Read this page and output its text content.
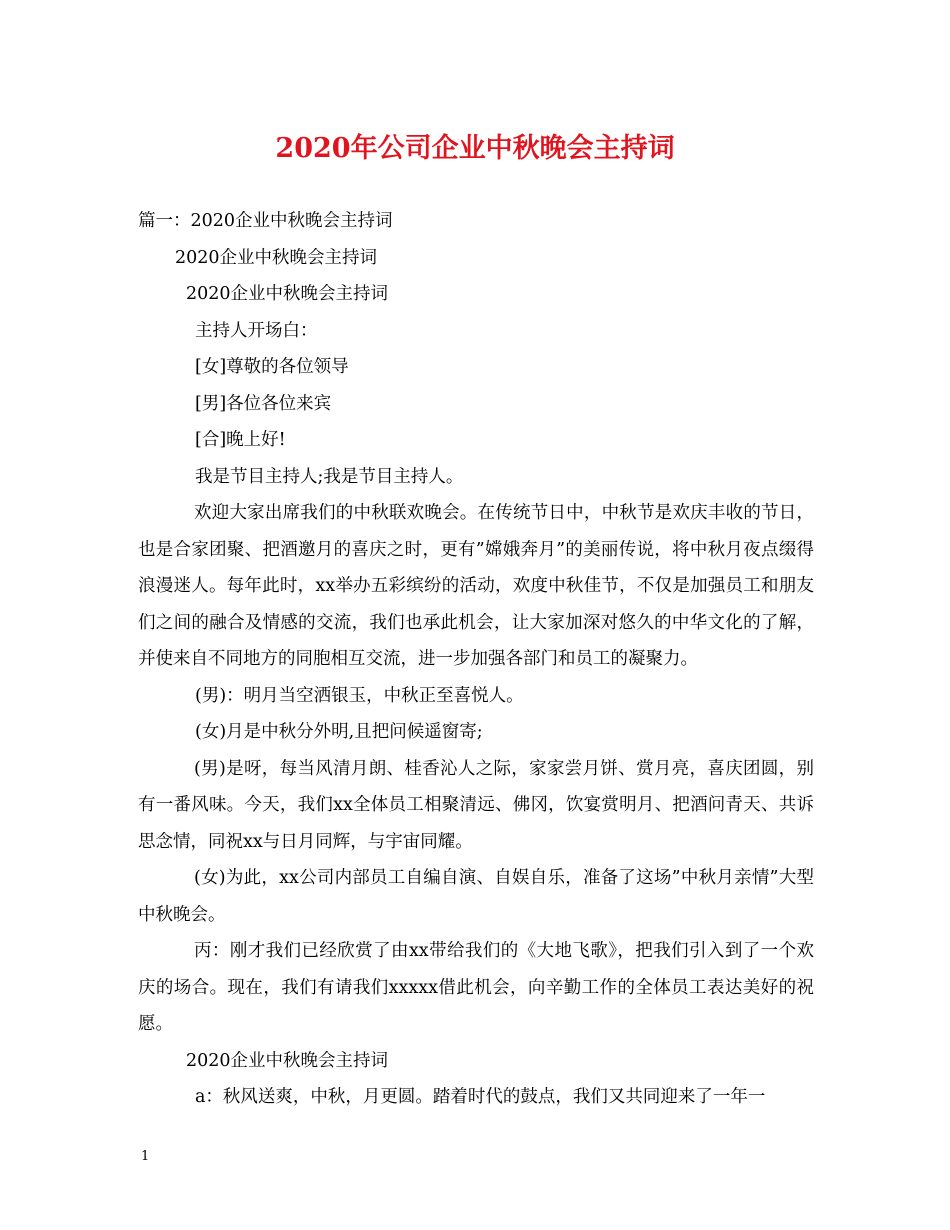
2020年公司企业中秋晚会主持词

篇一：2020企业中秋晚会主持词

2020企业中秋晚会主持词

2020企业中秋晚会主持词

主持人开场白：

[女]尊敬的各位领导

[男]各位各位来宾

[合]晚上好!

我是节目主持人;我是节目主持人。

欢迎大家出席我们的中秋联欢晚会。在传统节日中，中秋节是欢庆丰收的节日，也是合家团聚、把酒邀月的喜庆之时，更有”嫦娥奔月”的美丽传说，将中秋月夜点缀得浪漫迷人。每年此时，xx举办五彩缤纷的活动，欢度中秋佳节，不仅是加强员工和朋友们之间的融合及情感的交流，我们也承此机会，让大家加深对悠久的中华文化的了解，并使来自不同地方的同胞相互交流，进一步加强各部门和员工的凝聚力。

(男)：明月当空洒银玉，中秋正至喜悦人。

(女)月是中秋分外明,且把问候遥窗寄;

(男)是呀，每当风清月朗、桂香沁人之际，家家尝月饼、赏月亮，喜庆团圆，别有一番风味。今天，我们xx全体员工相聚清远、佛冈，饮宴赏明月、把酒问青天、共诉思念情，同祝xx与日月同辉，与宇宙同耀。

(女)为此，xx公司内部员工自编自演、自娱自乐，准备了这场”中秋月亲情”大型中秋晚会。

丙：刚才我们已经欣赏了由xx带给我们的《大地飞歌》，把我们引入到了一个欢庆的场合。现在，我们有请我们xxxxx借此机会，向辛勤工作的全体员工表达美好的祝愿。

2020企业中秋晚会主持词

a：秋风送爽，中秋，月更圆。踏着时代的鼓点，我们又共同迎来了一年一

1
